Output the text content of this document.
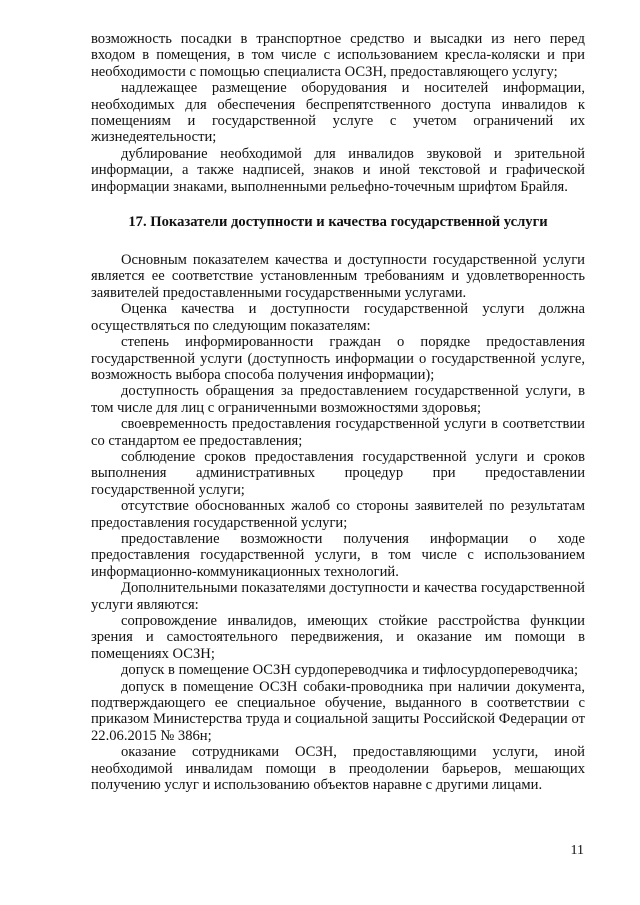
возможность посадки в транспортное средство и высадки из него перед входом в помещения, в том числе с использованием кресла-коляски и при необходимости с помощью специалиста ОСЗН, предоставляющего услугу;

надлежащее размещение оборудования и носителей информации, необходимых для обеспечения беспрепятственного доступа инвалидов к помещениям и государственной услуге с учетом ограничений их жизнедеятельности;

дублирование необходимой для инвалидов звуковой и зрительной информации, а также надписей, знаков и иной текстовой и графической информации знаками, выполненными рельефно-точечным шрифтом Брайля.

17. Показатели доступности и качества государственной услуги

Основным показателем качества и доступности государственной услуги является ее соответствие установленным требованиям и удовлетворенность заявителей предоставленными государственными услугами.

Оценка качества и доступности государственной услуги должна осуществляться по следующим показателям:

степень информированности граждан о порядке предоставления государственной услуги (доступность информации о государственной услуге, возможность выбора способа получения информации);

доступность обращения за предоставлением государственной услуги, в том числе для лиц с ограниченными возможностями здоровья;

своевременность предоставления государственной услуги в соответствии со стандартом ее предоставления;

соблюдение сроков предоставления государственной услуги и сроков выполнения административных процедур при предоставлении государственной услуги;

отсутствие обоснованных жалоб со стороны заявителей по результатам предоставления государственной услуги;

предоставление возможности получения информации о ходе предоставления государственной услуги, в том числе с использованием информационно-коммуникационных технологий.

Дополнительными показателями доступности и качества государственной услуги являются:

сопровождение инвалидов, имеющих стойкие расстройства функции зрения и самостоятельного передвижения, и оказание им помощи в помещениях ОСЗН;

допуск в помещение ОСЗН сурдопереводчика и тифлосурдопереводчика;

допуск в помещение ОСЗН собаки-проводника при наличии документа, подтверждающего ее специальное обучение, выданного в соответствии с приказом Министерства труда и социальной защиты Российской Федерации от 22.06.2015 № 386н;

оказание сотрудниками ОСЗН, предоставляющими услуги, иной необходимой инвалидам помощи в преодолении барьеров, мешающих получению услуг и использованию объектов наравне с другими лицами.

11
